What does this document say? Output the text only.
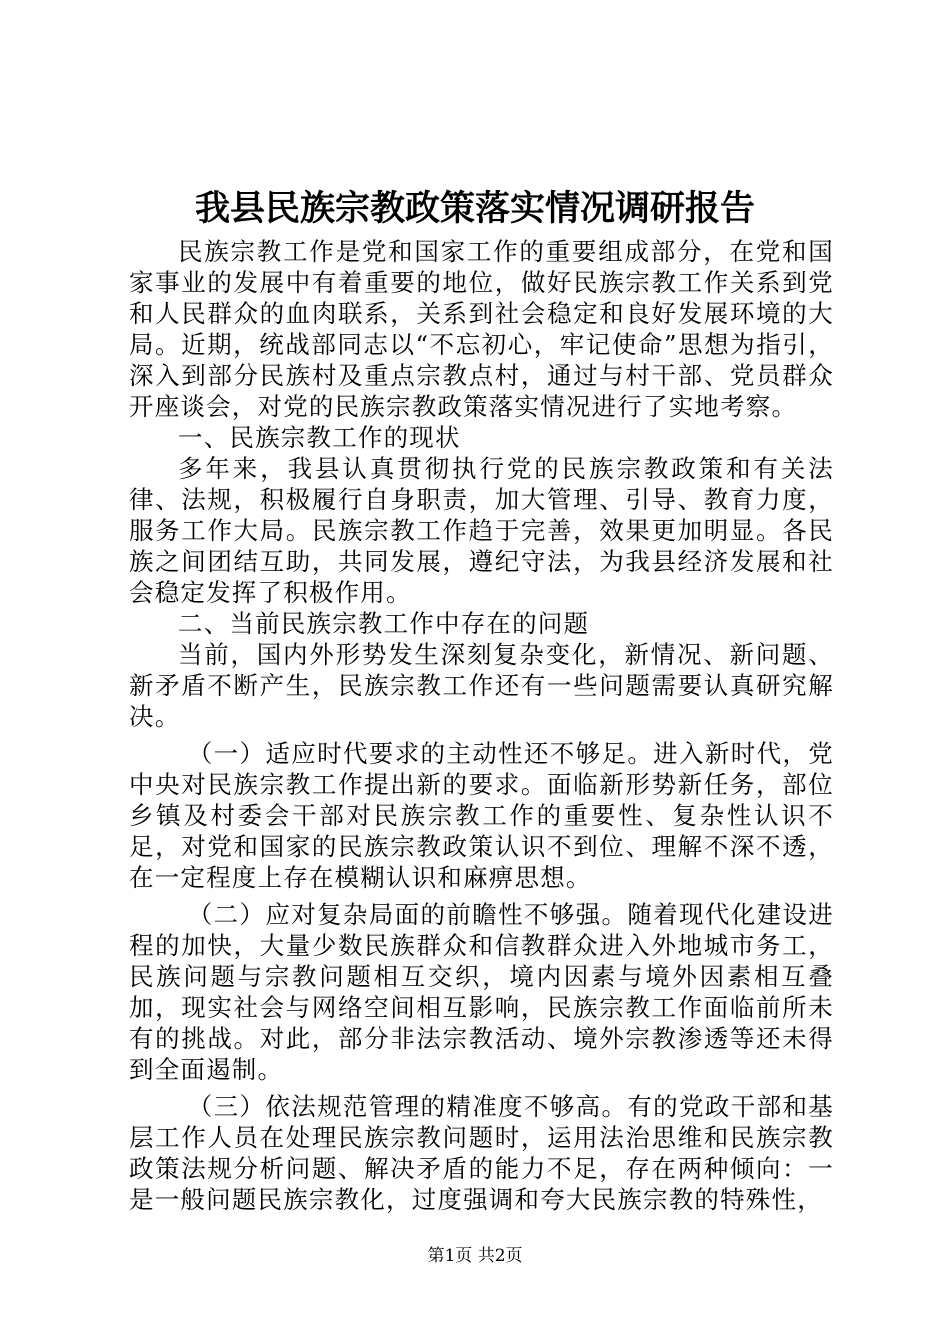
我县民族宗教政策落实情况调研报告

民族宗教工作是党和国家工作的重要组成部分，在党和国家事业的发展中有着重要的地位，做好民族宗教工作关系到党和人民群众的血肉联系，关系到社会稳定和良好发展环境的大局。近期，统战部同志以“不忘初心，牢记使命”思想为指引，深入到部分民族村及重点宗教点村，通过与村干部、党员群众开座谈会，对党的民族宗教政策落实情况进行了实地考察。

一、民族宗教工作的现状

多年来，我县认真贯彻执行党的民族宗教政策和有关法律、法规，积极履行自身职责，加大管理、引导、教育力度，服务工作大局。民族宗教工作趋于完善，效果更加明显。各民族之间团结互助，共同发展，遵纪守法，为我县经济发展和社会稳定发挥了积极作用。

二、当前民族宗教工作中存在的问题

当前，国内外形势发生深刻复杂变化，新情况、新问题、新矛盾不断产生，民族宗教工作还有一些问题需要认真研究解决。

（一）适应时代要求的主动性还不够足。进入新时代，党中央对民族宗教工作提出新的要求。面临新形势新任务，部位乡镇及村委会干部对民族宗教工作的重要性、复杂性认识不足，对党和国家的民族宗教政策认识不到位、理解不深不透，在一定程度上存在模糊认识和麻痹思想。

（二）应对复杂局面的前瞻性不够强。随着现代化建设进程的加快，大量少数民族群众和信教群众进入外地城市务工，民族问题与宗教问题相互交织，境内因素与境外因素相互叠加，现实社会与网络空间相互影响，民族宗教工作面临前所未有的挑战。对此，部分非法宗教活动、境外宗教渗透等还未得到全面遏制。

（三）依法规范管理的精准度不够高。有的党政干部和基层工作人员在处理民族宗教问题时，运用法治思维和民族宗教政策法规分析问题、解决矛盾的能力不足，存在两种倾向：一是一般问题民族宗教化，过度强调和夸大民族宗教的特殊性，

第1页 共2页
